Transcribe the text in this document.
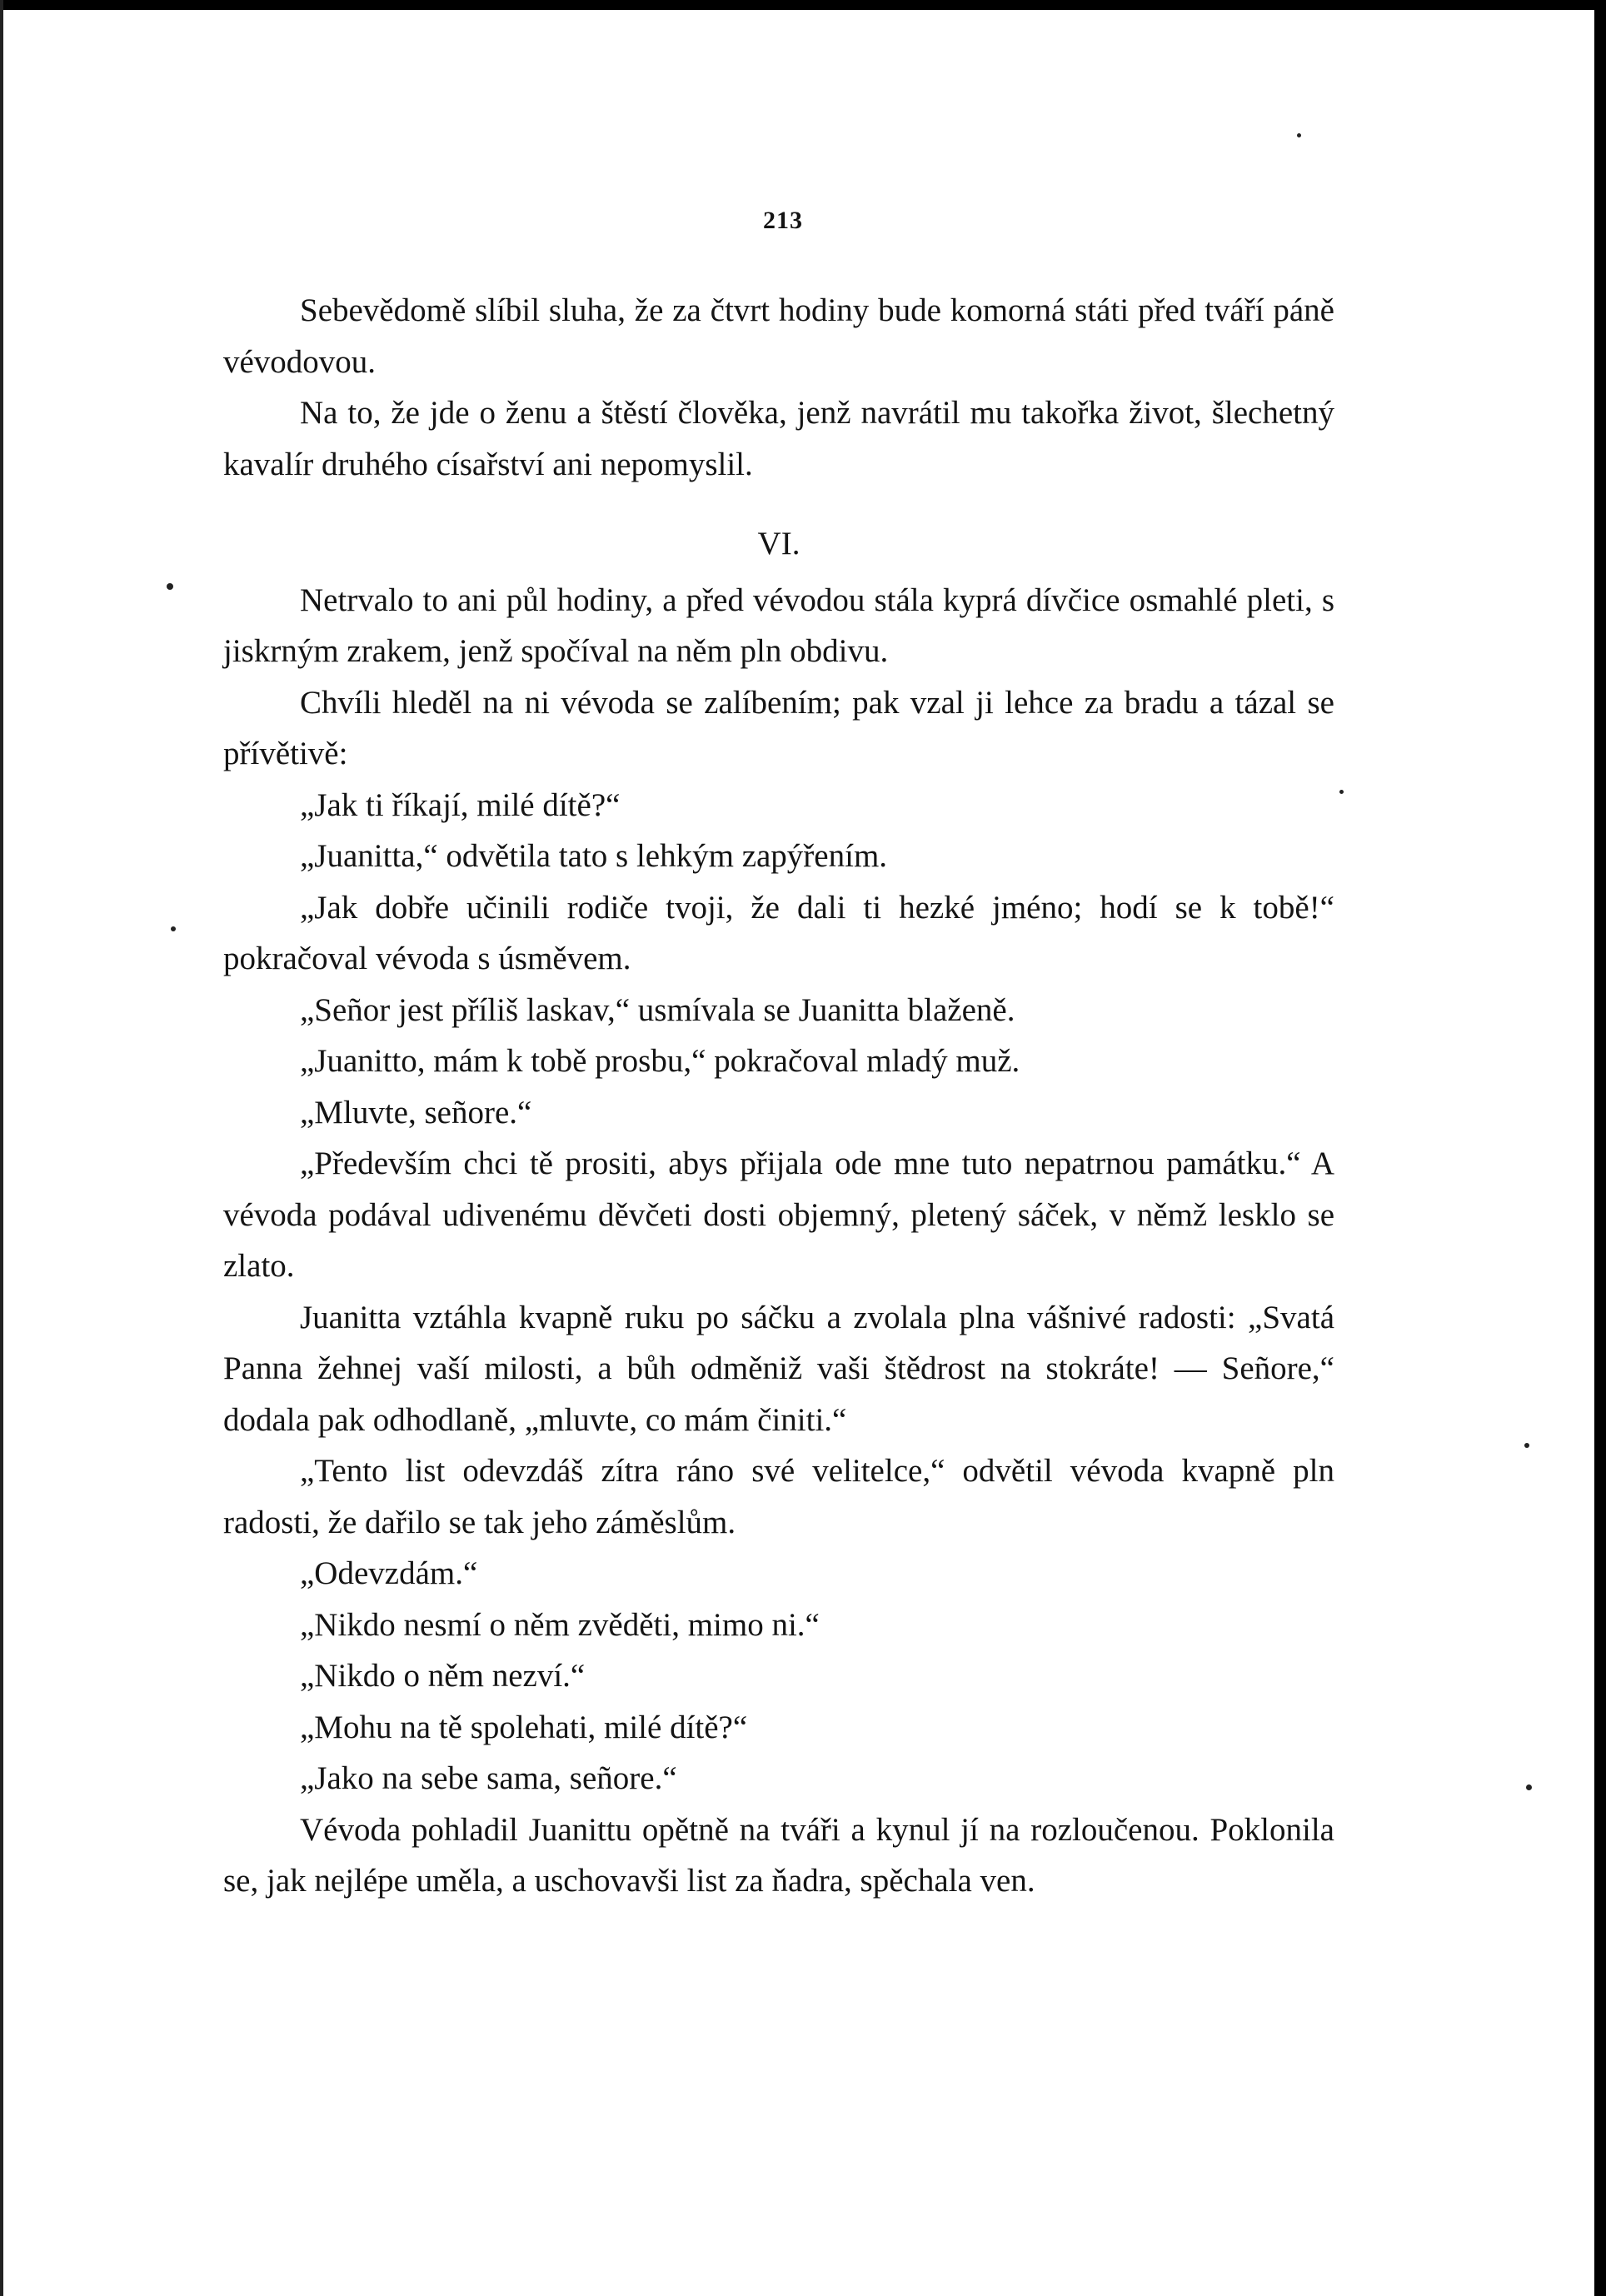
213

Sebevědomě slíbil sluha, že za čtvrt hodiny bude komorná státi před tváří páně vévodovou.

Na to, že jde o ženu a štěstí člověka, jenž navrátil mu takořka život, šlechetný kavalír druhého císařství ani nepomyslil.

VI.

Netrvalo to ani půl hodiny, a před vévodou stála kyprá dívčice osmahlé pleti, s jiskrným zrakem, jenž spočíval na něm pln obdivu.

Chvíli hleděl na ni vévoda se zalíbením; pak vzal ji lehce za bradu a tázal se přívětivě:

„Jak ti říkají, milé dítě?“

„Juanitta,“ odvětila tato s lehkým zapýřením.

„Jak dobře učinili rodiče tvoji, že dali ti hezké jméno; hodí se k tobě!“ pokračoval vévoda s úsměvem.

„Señor jest příliš laskav,“ usmívala se Juanitta blaženě.

„Juanitto, mám k tobě prosbu,“ pokračoval mladý muž.

„Mluvte, señore.“

„Především chci tě prositi, abys přijala ode mne tuto nepatrnou památku.“ A vévoda podával udivenému děvčeti dosti objemný, pletený sáček, v němž lesklo se zlato.

Juanitta vztáhla kvapně ruku po sáčku a zvolala plna vášnivé radosti: „Svatá Panna žehnej vaší milosti, a bůh odměniž vaši štědrost na stokráte! — Señore,“ dodala pak odhodlaně, „mluvte, co mám činiti.“

„Tento list odevzdáš zítra ráno své velitelce,“ odvětil vévoda kvapně pln radosti, že dařilo se tak jeho záměslům.

„Odevzdám.“

„Nikdo nesmí o něm zvěděti, mimo ni.“

„Nikdo o něm nezví.“

„Mohu na tě spolehati, milé dítě?“

„Jako na sebe sama, señore.“

Vévoda pohladil Juanittu opětně na tváři a kynul jí na rozloučenou. Poklonila se, jak nejlépe uměla, a uschovavši list za ňadra, spěchala ven.
